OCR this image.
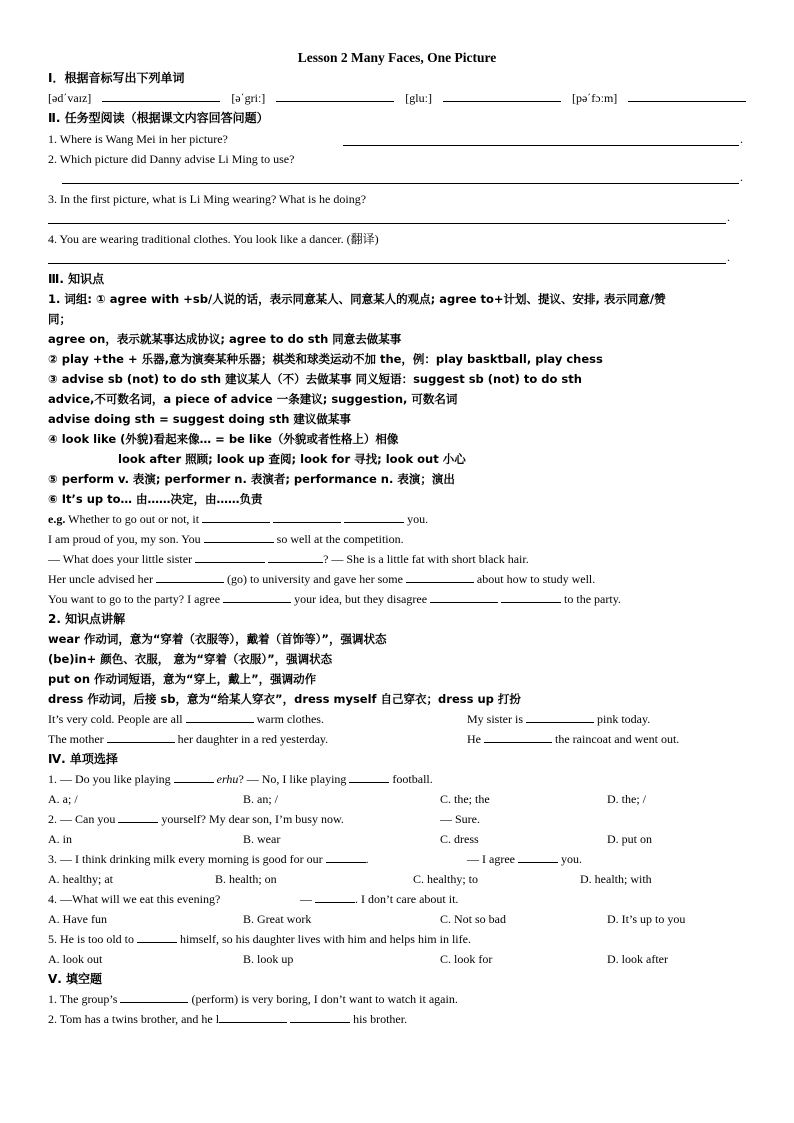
Lesson 2 Many Faces, One Picture
Ⅰ．根据音标写出下列单词
[əd΄vaɪz]	[ə΄griː]	[gluː]	[pə΄fɔːm]
Ⅱ. 任务型阅读（根据课文内容回答问题）
1. Where is Wang Mei in her picture?	.
2. Which picture did Danny advise Li Ming to use?
.
3. In the first picture, what is Li Ming wearing? What is he doing?
.
4. You are wearing traditional clothes. You look like a dancer. (翻译)
.
Ⅲ. 知识点
1. 词组: ① agree with +sb/人说的话，表示同意某人、同意某人的观点; agree to+计划、提议、安排, 表示同意/赞
同；
agree on，表示就某事达成协议; agree to do sth 同意去做某事
② play +the + 乐器,意为演奏某种乐器；棋类和球类运动不加 the，例：play basktball, play chess
③ advise sb (not) to do sth 建议某人（不）去做某事 同义短语：suggest sb (not) to do sth
advice,不可数名词，a piece of advice 一条建议; suggestion, 可数名词
advise doing sth = suggest doing sth 建议做某事
④ look like (外貌)看起来像… = be like（外貌或者性格上）相像
look after 照顾; look up 查阅; look for 寻找; look out 小心
⑤ perform v. 表演; performer n. 表演者; performance n. 表演；演出
⑥ It’s up to… 由……决定，由……负责
e.g. Whether to go out or not, it	you.
I am proud of you, my son. You	so well at the competition.
— What does your little sister	? — She is a little fat with short black hair.
Her uncle advised her	(go) to university and gave her some	about how to study well.
You want to go to the party? I agree	your idea, but they disagree	to the party.
2. 知识点讲解
wear 作动词，意为“穿着（衣服等），戴着（首饰等）”，强调状态
(be)in+ 颜色、衣服， 意为“穿着（衣服）”，强调状态
put on 作动词短语，意为“穿上，戴上”，强调动作
dress 作动词，后接 sb，意为“给某人穿衣”，dress myself 自己穿衣；dress up 打扮
It’s very cold. People are all	warm clothes.	My sister is	pink today.
The mother	her daughter in a red yesterday.	He	the raincoat and went out.
Ⅳ. 单项选择
1. — Do you like playing	erhu? — No, I like playing	football.
A. a; /	B. an; /	C. the; the	D. the; /
2. — Can you	yourself? My dear son, I’m busy now.	— Sure.
A. in	B. wear	C. dress	D. put on
3. — I think drinking milk every morning is good for our	.	— I agree	you.
A. healthy; at	B. health; on	C. healthy; to	D. health; with
4. —What will we eat this evening?	—	. I don’t care about it.
A. Have fun	B. Great work	C. Not so bad	D. It’s up to you
5. He is too old to	himself, so his daughter lives with him and helps him in life.
A. look out	B. look up	C. look for	D. look after
Ⅴ. 填空题
1. The group’s	(perform) is very boring, I don’t want to watch it again.
2. Tom has a twins brother, and he l	his brother.
